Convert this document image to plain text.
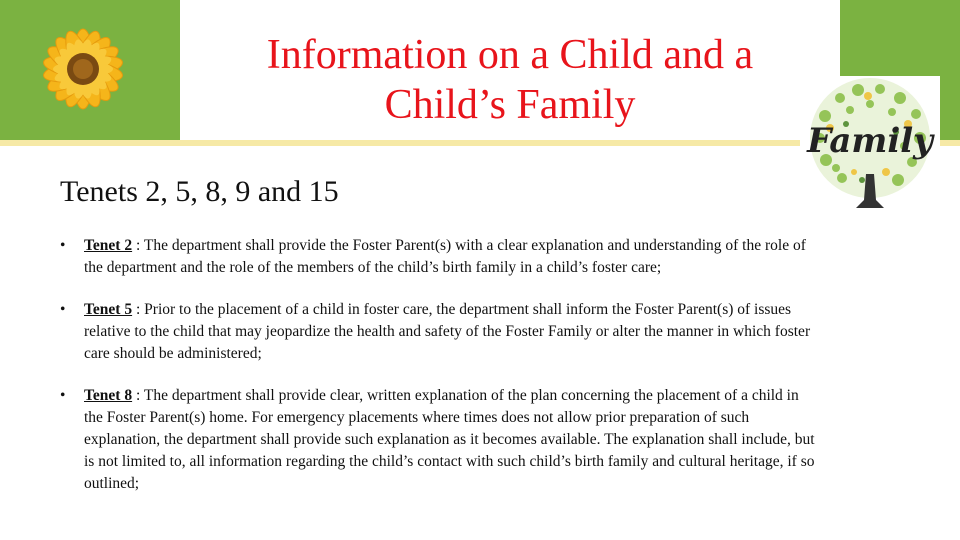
Information on a Child and a
Child’s Family
Family
Tenets 2, 5, 8, 9 and 15
• Tenet 2 : The department shall provide the Foster Parent(s) with a clear explanation and understanding of the role of the department and the role of the members of the child’s birth family in a child’s foster care;
• Tenet 5 : Prior to the placement of a child in foster care, the department shall inform the Foster Parent(s) of issues relative to the child that may jeopardize the health and safety of the Foster Family or alter the manner in which foster care should be administered;
• Tenet 8 : The department shall provide clear, written explanation of the plan concerning the placement of a child in the Foster Parent(s) home. For emergency placements where times does not allow prior preparation of such explanation, the department shall provide such explanation as it becomes available. The explanation shall include, but is not limited to, all information regarding the child’s contact with such child’s birth family and cultural heritage, if so outlined;
